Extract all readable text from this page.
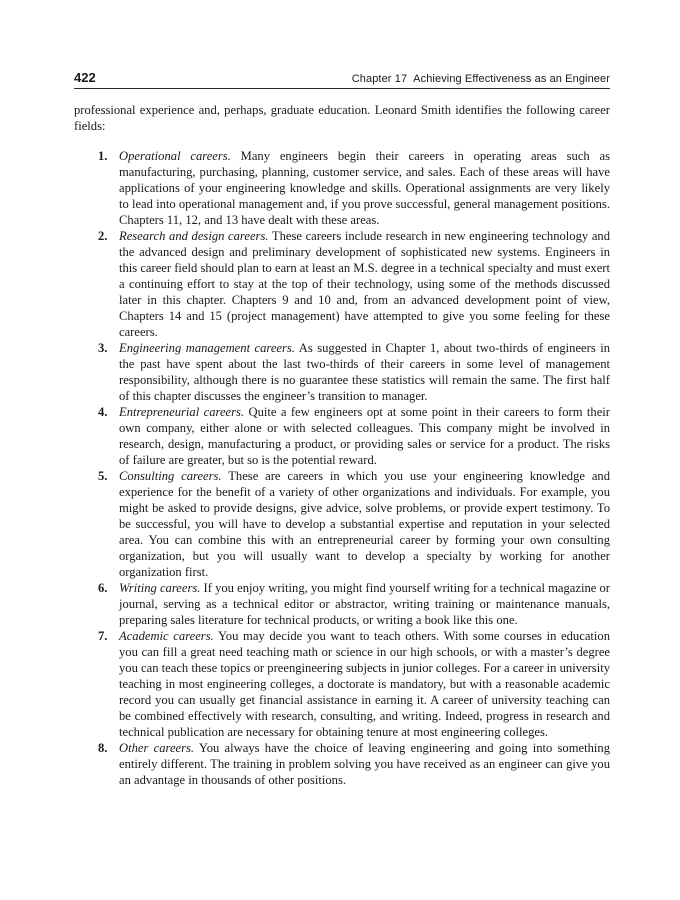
422	Chapter 17 Achieving Effectiveness as an Engineer

professional experience and, perhaps, graduate education. Leonard Smith identifies the following career fields:

1. Operational careers. Many engineers begin their careers in operating areas such as manufacturing, purchasing, planning, customer service, and sales. Each of these areas will have applications of your engineering knowledge and skills. Operational assignments are very likely to lead into operational management and, if you prove successful, general management positions. Chapters 11, 12, and 13 have dealt with these areas.
2. Research and design careers. These careers include research in new engineering technology and the advanced design and preliminary development of sophisticated new systems. Engineers in this career field should plan to earn at least an M.S. degree in a technical specialty and must exert a continuing effort to stay at the top of their technology, using some of the methods discussed later in this chapter. Chapters 9 and 10 and, from an advanced development point of view, Chapters 14 and 15 (project management) have attempted to give you some feeling for these careers.
3. Engineering management careers. As suggested in Chapter 1, about two-thirds of engineers in the past have spent about the last two-thirds of their careers in some level of management responsibility, although there is no guarantee these statistics will remain the same. The first half of this chapter discusses the engineer’s transition to manager.
4. Entrepreneurial careers. Quite a few engineers opt at some point in their careers to form their own company, either alone or with selected colleagues. This company might be involved in research, design, manufacturing a product, or providing sales or service for a product. The risks of failure are greater, but so is the potential reward.
5. Consulting careers. These are careers in which you use your engineering knowledge and experience for the benefit of a variety of other organizations and individuals. For example, you might be asked to provide designs, give advice, solve problems, or provide expert testimony. To be successful, you will have to develop a substantial expertise and reputation in your selected area. You can combine this with an entrepreneurial career by forming your own consulting organization, but you will usually want to develop a specialty by working for another organization first.
6. Writing careers. If you enjoy writing, you might find yourself writing for a technical magazine or journal, serving as a technical editor or abstractor, writing training or maintenance manuals, preparing sales literature for technical products, or writing a book like this one.
7. Academic careers. You may decide you want to teach others. With some courses in education you can fill a great need teaching math or science in our high schools, or with a master’s degree you can teach these topics or preengineering subjects in junior colleges. For a career in university teaching in most engineering colleges, a doctorate is mandatory, but with a reasonable academic record you can usually get financial assistance in earning it. A career of university teaching can be combined effectively with research, consulting, and writing. Indeed, progress in research and technical publication are necessary for obtaining tenure at most engineering colleges.
8. Other careers. You always have the choice of leaving engineering and going into something entirely different. The training in problem solving you have received as an engineer can give you an advantage in thousands of other positions.
